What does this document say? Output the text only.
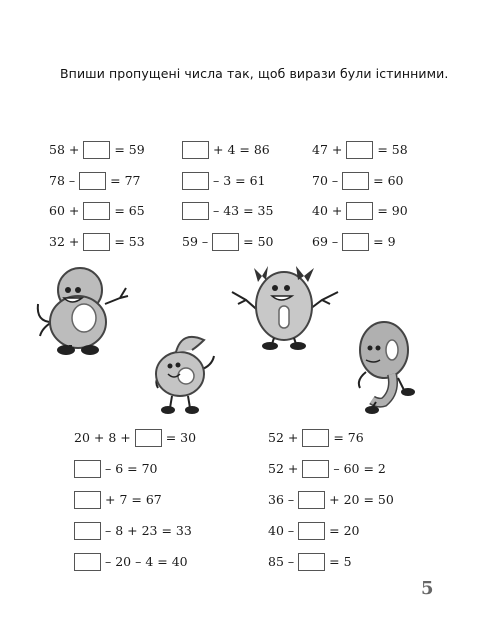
Впиши пропущені числа так, щоб вирази були істинними.
58 +	= 59	+ 4 = 86	47 +	= 58
78 –	= 77	– 3 = 61	70 –	= 60
60 +	= 65	– 43 = 35	40 +	= 90
32 +	= 53	59 –	= 50	69 –	= 9
20 + 8 +	= 30
– 6 = 70
+ 7 = 67
– 8 + 23 = 33
– 20 – 4 = 40
52 +	= 76
52 +	– 60 = 2
36 –	+ 20 = 50
40 –	= 20
85 –	= 5
5
